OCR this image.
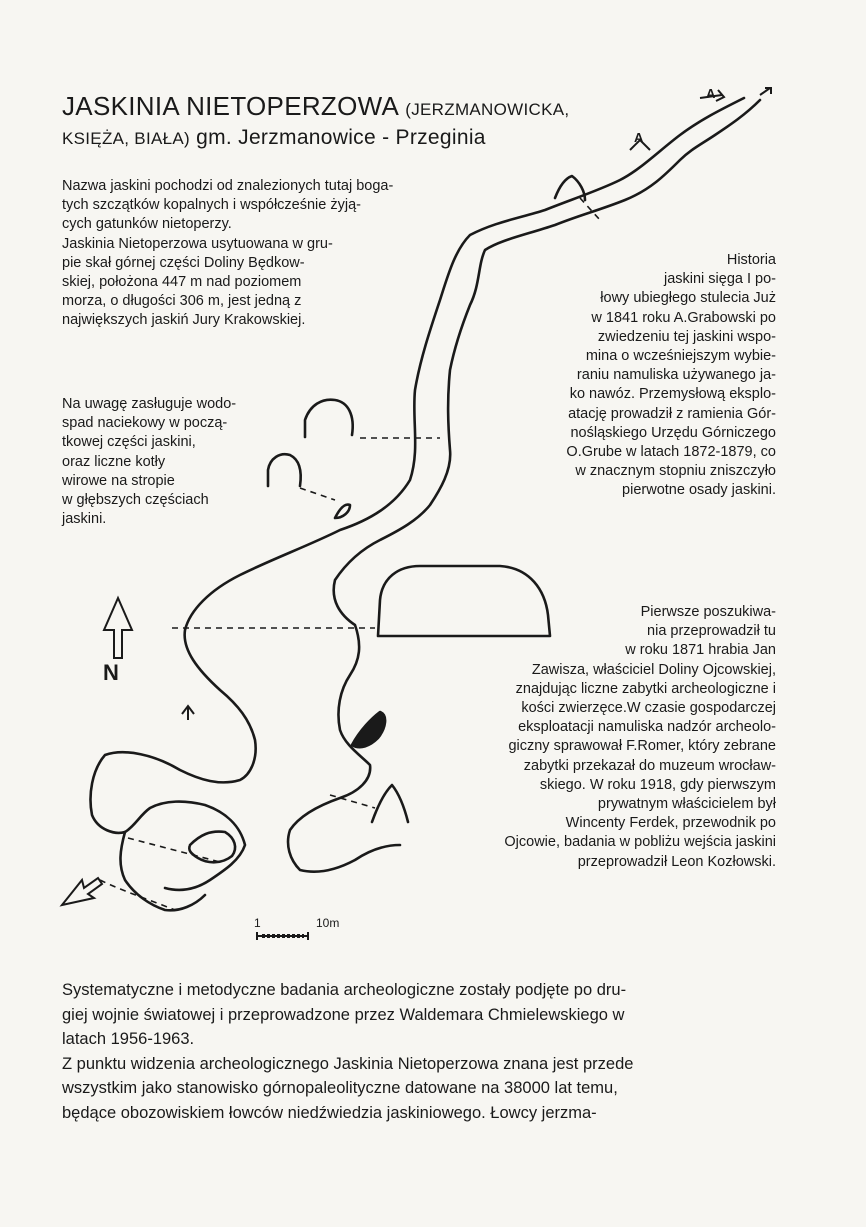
1	10m
N
A
A
JASKINIA NIETOPERZOWA (JERZMANOWICKA,
KSIĘŻA, BIAŁA) gm. Jerzmanowice - Przeginia
Nazwa jaskini pochodzi od znalezionych tutaj boga-
tych szczątków kopalnych i współcześnie żyją-
cych gatunków nietoperzy.
Jaskinia Nietoperzowa usytuowana w gru-
pie skał górnej części Doliny Będkow-
skiej, położona 447 m nad poziomem
morza, o długości 306 m, jest jedną z
największych jaskiń Jury Krakowskiej.
Na uwagę zasługuje wodo-
spad naciekowy w począ-
tkowej części jaskini,
oraz liczne kotły
wirowe na stropie
w głębszych częściach
jaskini.
Historia
jaskini sięga I po-
łowy ubiegłego stulecia Już
w 1841 roku A.Grabowski po
zwiedzeniu tej jaskini wspo-
mina o wcześniejszym wybie-
raniu namuliska używanego ja-
ko nawóz. Przemysłową eksplo-
atację prowadził z ramienia Gór-
nośląskiego Urzędu Górniczego
O.Grube w latach 1872-1879, co
w znacznym stopniu zniszczyło
pierwotne osady jaskini.
Pierwsze poszukiwa-
nia przeprowadził tu
w roku 1871 hrabia Jan
Zawisza, właściciel Doliny Ojcowskiej,
znajdując liczne zabytki archeologiczne i
kości zwierzęce.W czasie gospodarczej
eksploatacji namuliska nadzór archeolo-
giczny sprawował F.Romer, który zebrane
zabytki przekazał do muzeum wrocław-
skiego. W roku 1918, gdy pierwszym
prywatnym właścicielem był
Wincenty Ferdek, przewodnik po
Ojcowie, badania w pobliżu wejścia jaskini
przeprowadził Leon Kozłowski.
Systematyczne i metodyczne badania archeologiczne zostały podjęte po dru-
giej wojnie światowej i przeprowadzone przez Waldemara Chmielewskiego w
latach 1956-1963.
Z punktu widzenia archeologicznego Jaskinia Nietoperzowa znana jest przede
wszystkim jako stanowisko górnopaleolityczne datowane na 38000 lat temu,
będące obozowiskiem łowców niedźwiedzia jaskiniowego. Łowcy jerzma-
